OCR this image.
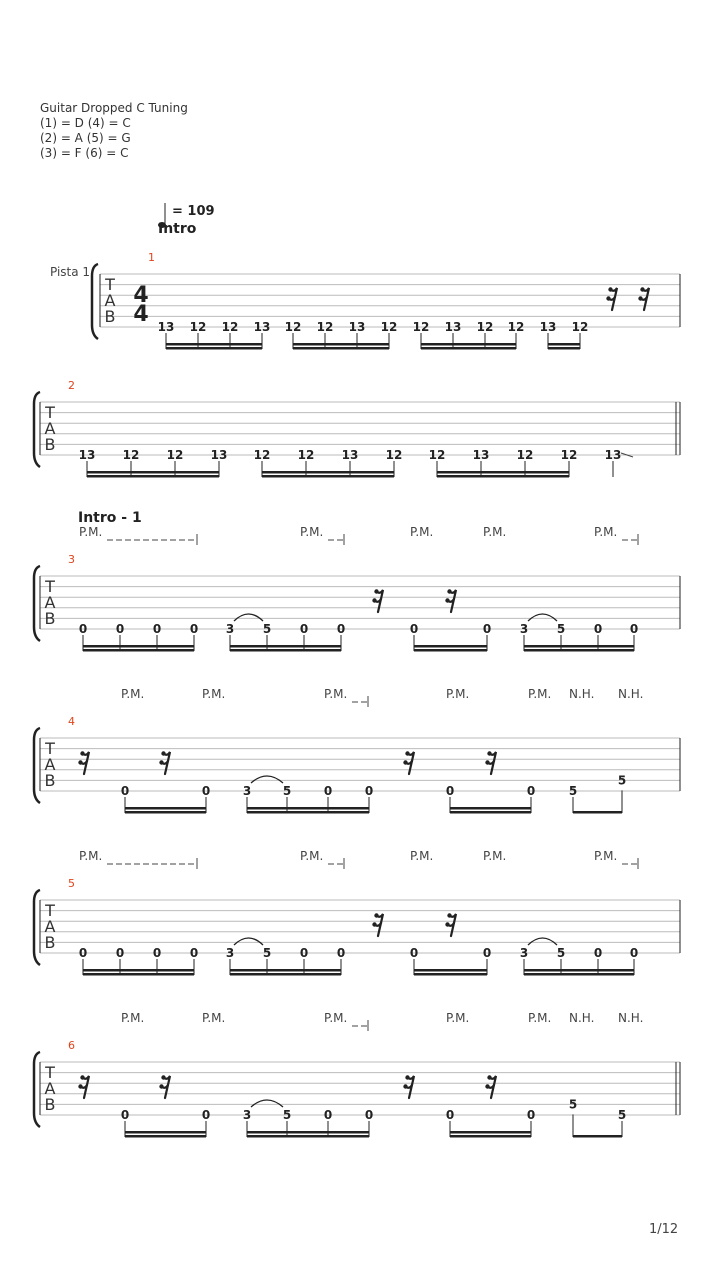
Guitar Dropped C Tuning
(1) = D (4) = C
(2) = A (5) = G
(3) = F (6) = C
= 109
Intro
Pista 1
T
A
B
4
4
1
13 12 12 13 12 12 13 12 12 13 12 12 13 12
T
A
B
2
13 12 12 13 12 12 13 12 12 13 12 12 13
T
A
B
3
Intro - 1
P.M.	P.M.	P.M.	P.M.	P.M.
0 0 0 0 3 5 0 0	0	0 3 5 0 0
T
A
B
4
P.M.	P.M.	P.M.	P.M.	P.M. N.H. N.H.
0	0	3	5	0	0	0	0	5
5
T
A
B
5
P.M.	P.M.	P.M.	P.M.	P.M.
0 0 0 0 3 5 0 0	0	0 3 5 0 0
T
A
B
6
P.M.	P.M.	P.M.	P.M.	P.M. N.H. N.H.
0	0	3	5	0	0	0	0
5
5
1/12
